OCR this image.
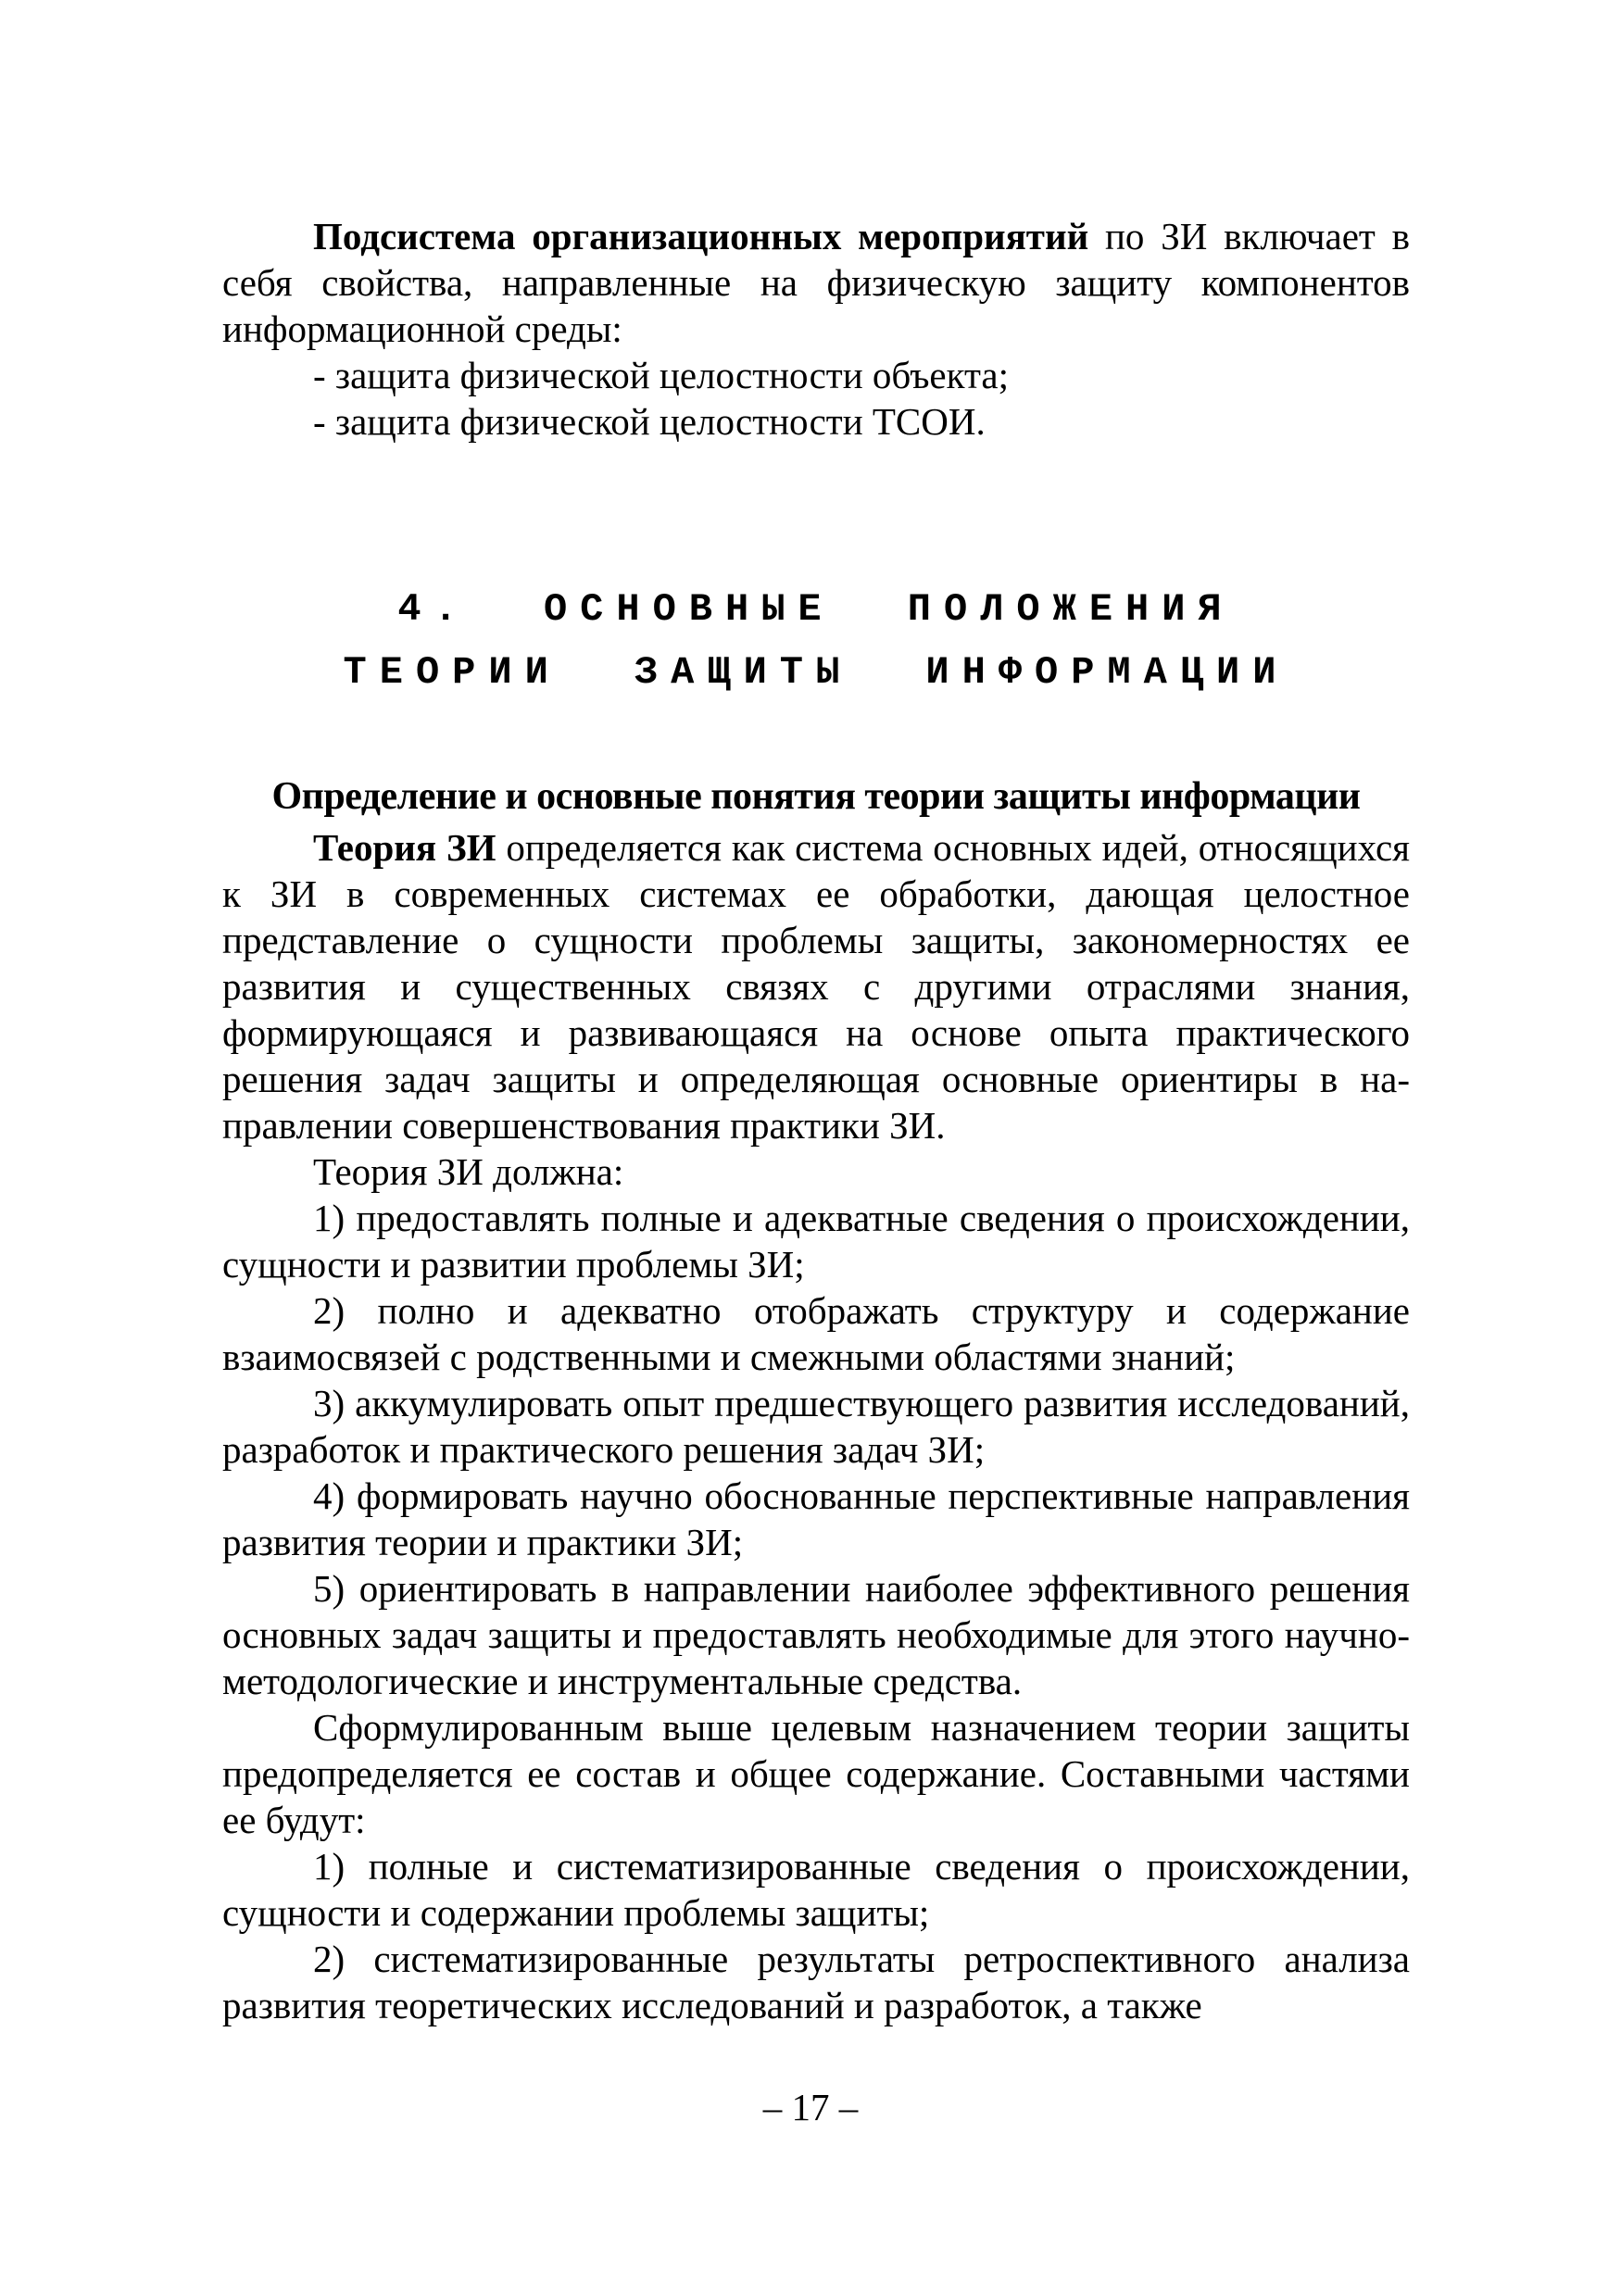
Подсистема организационных мероприятий по ЗИ включает в себя свойства, направленные на физическую защиту компонентов информационной среды:

- защита физической целостности объекта;

- защита физической целостности ТСОИ.

4. ОСНОВНЫЕ ПОЛОЖЕНИЯ
ТЕОРИИ ЗАЩИТЫ ИНФОРМАЦИИ
Определение и основные понятия теории защиты информации

Теория ЗИ определяется как система основных идей, относящихся к ЗИ в современных системах ее обработки, дающая целостное представление о сущности проблемы защиты, закономерностях ее развития и существенных связях с другими отраслями знания, формирующаяся и развивающаяся на основе опыта практического решения задач защиты и определяющая основные ориентиры в направлении совершенствования практики ЗИ.

Теория ЗИ должна:

1) предоставлять полные и адекватные сведения о происхождении, сущности и развитии проблемы ЗИ;

2) полно и адекватно отображать структуру и содержание взаимосвязей с родственными и смежными областями знаний;

3) аккумулировать опыт предшествующего развития исследований, разработок и практического решения задач ЗИ;

4) формировать научно обоснованные перспективные направления развития теории и практики ЗИ;

5) ориентировать в направлении наиболее эффективного решения основных задач защиты и предоставлять необходимые для этого научно-методологические и инструментальные средства.

Сформулированным выше целевым назначением теории защиты предопределяется ее состав и общее содержание. Составными частями ее будут:

1) полные и систематизированные сведения о происхождении, сущности и содержании проблемы защиты;

2) систематизированные результаты ретроспективного анализа развития теоретических исследований и разработок, а также

– 17 –
